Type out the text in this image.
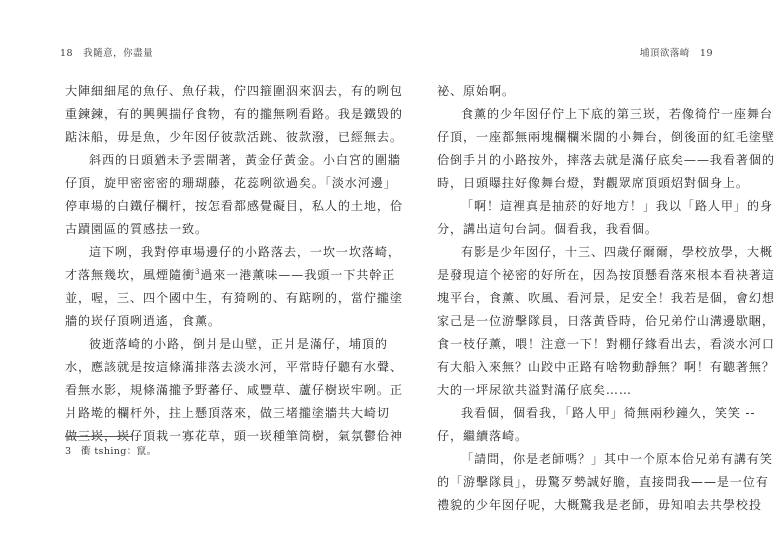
18 我隨意，你盡量
大陣細細尾的魚仔、魚仔栽，佇四箍圍泅來泅去，有的咧包
重鍊鍊，有的興興揣仔食物，有的攏無咧看路。我是鐵毀的
踮沫船，毋是魚，少年囡仔彼款活跳、彼款潑，已經無去。
斜西的日頭猶未予雲閘著，黃金仔黃金。小白宮的圍牆
仔頂，旋甲密密密的珊瑚藤，花蕊咧欲過矣。「淡水河邊」
停車場的白鐵仔欄杆，按怎看都感覺礙目，私人的土地，佮
古蹟園區的質感抾一致。
這下咧，我對停車場邊仔的小路落去，一坎一坎落崎，
才落無幾坎，風煙隨衝$^3$過來一港薰味——我頭一下共幹正
並，喔，三、四个國中生，有猗咧的、有踮咧的，當佇攏塗
牆的崁仔頂咧逍遙，食薰。
彼逝落崎的小路，倒爿是山壁，正爿是滿仔，埔頂的
水，應該就是按這條滿排落去淡水河，平常時仔聽有水聲、
看無水影，規條滿攏予野蕃仔、咸豐草、蘆仔樹崁牢咧。正
爿路墘的欄杆外，拄上懸頂落來，做三堵攏塗牆共大崎切
做三崁，崁仔頂栽一寡花草，頭一崁種筆筒樹，氣氛鬱佮神
3 衝 tshing：竄。
埔頂欲落崎 19
祕、原始啊。
食薰的少年囡仔佇上下底的第三崁，若像徛佇一座舞台
仔頂，一座都無兩塊欄欄米闊的小舞台，倒後面的紅毛塗壁
佮倒手爿的小路按外，摔落去就是滿仔底矣——我看著個的
時，日頭曝拄好像舞台燈，對觀眾席頂頭炤對個身上。
「啊！這裡真是抽菸的好地方！」我以「路人甲」的身
分，講出這句台詞。個看我，我看個。
有影是少年囡仔，十三、四歲仔爾爾，學校放學，大概
是發現這个祕密的好所在，因為按頂懸看落來根本看袂著這
塊平台，食薰、吹風、看河景，足安全！我若是個，會幻想
家己是一位游擊隊員，日落黃昏時，佮兄弟佇山溝邊歇睏，
食一枝仔薰，喂！注意一下！對棚仔緣看出去，看淡水河口
有大船入來無？山跤中正路有啥物動靜無？啊！有聽著無？
大的一坪尿欲共溢對滿仔底矣……
我看個，個看我，「路人甲」徛無兩秒鐘久，笑笑 --
仔，繼續落崎。
「請問，你是老師嗎？」其中一个原本佮兄弟有講有笑
的「游擊隊員」，毋驚歹勢誠好膽，直接問我——是一位有
禮貌的少年囡仔呢，大概驚我是老師，毋知咱去共學校投
